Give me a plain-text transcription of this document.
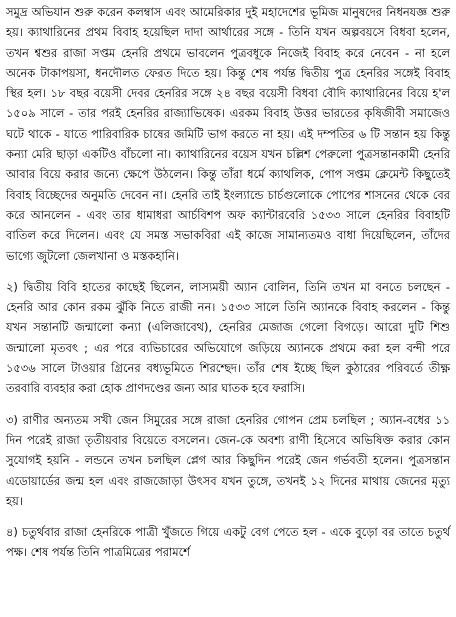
সমুদ্র অভিযান শুরু করেন কলম্বাস এবং আমেরিকার দুই মহাদেশের ভূমিজ মানুষদের নিধনযজ্ঞ শুরু হয়। ক্যাথারিনের প্রথম বিবাহ হয়েছিল দাদা আর্থারের সঙ্গে - তিনি যখন অল্পবয়সে বিধবা হলেন, তখন শ্বশুর রাজা সপ্তম হেনরি প্রথমে ভাবলেন পুত্রবধূকে নিজেই বিবাহ করে নেবেন - না হলে অনেক টাকাপয়সা, ধনদৌলত ফেরত দিতে হয়। কিন্তু শেষ পর্যন্ত দ্বিতীয় পুত্র হেনরির সঙ্গেই বিবাহ স্থির হল। ১৮ বছর বয়েসী দেবর হেনরির সঙ্গে ২৪ বছর বয়েসী বিধবা বৌদি ক্যাথারিনের বিয়ে হ'ল ১৫০৯ সালে - তার পরই হেনরির রাজ্যাভিষেক। এরকম বিবাহ উত্তর ভারতের কৃষিজীবী সমাজেও ঘটে থাকে - যাতে পারিবারিক চাষের জমিটি ভাগ করতে না হয়। এই দম্পতির ৬ টি সন্তান হয় কিন্তু কন্যা মেরি ছাড়া একটিও বাঁচলো না। ক্যাথারিনের বয়েস যখন চল্লিশ পেরুলো পুত্রসন্তানকামী হেনরি আবার বিয়ে করার জন্যে ক্ষেপে উঠলেন। কিন্তু তাঁরা ধর্মে ক্যাথলিক, পোপ সপ্তম ক্লেমেন্ট কিছুতেই বিবাহ বিচ্ছেদের অনুমতি দেবেন না। হেনরি তাই ইংল্যান্ডে চার্চগুলোকে পোপের শাসনের থেকে বের করে আনলেন - এবং তার ধামাধরা আর্চবিশপ অফ ক্যান্টারবেরি ১৫৩৩ সালে হেনরির বিবাহটি বাতিল করে দিলেন। এবং যে সমস্ত সভাকবিরা এই কাজে সামান্যতমও বাধা দিয়েছিলেন, তাঁদের ভাগ্যে জুটলো জেলখানা ও মস্তকহানি।

২) দ্বিতীয় বিবি হাতের কাছেই ছিলেন, লাস্যময়ী অ্যান বোলিন, তিনি তখন মা বনতে চলছেন - হেনরি আর কোন রকম ঝুঁকি নিতে রাজী নন। ১৫৩৩ সালে তিনি অ্যানকে বিবাহ করলেন - কিন্তু যখন সন্তানটি জন্মালো কন্যা (এলিজাবেথ), হেনরির মেজাজ গেলো বিগড়ে। আরো দুটি শিশু জন্মালো মৃতবৎ ; এর পরে ব্যভিচারের অভিযোগে জড়িয়ে অ্যানকে প্রথমে করা হল বন্দী পরে ১৫৩৬ সালে টাওয়ার গ্রিনের বধ্যভূমিতে শিরশ্ছেদ। তাঁর শেষ ইচ্ছে ছিল কুঠারের পরিবর্তে তীক্ষ্ণ তরবারি ব্যবহার করা হোক প্রাণদণ্ডের জন্য আর ঘাতক হবে ফরাসি।

৩) রাণীর অন্যতম সখী জেন সিমুরের সঙ্গে রাজা হেনরির গোপন প্রেম চলছিল ; অ্যান-বধের ১১ দিন পরেই রাজা তৃতীয়বার বিয়েতে বসলেন। জেন-কে অবশ্য রাণী হিসেবে অভিষিক্ত করার কোন সুযোগই হয়নি - লন্ডনে তখন চলছিল প্লেগ আর কিছুদিন পরেই জেন গর্ভবতী হলেন। পুত্রসন্তান এডোয়ার্ডের জন্ম হল এবং রাজজোড়া উৎসব যখন তুঙ্গে, তখনই ১২ দিনের মাথায় জেনের মৃত্যু হয়।

৪) চতুর্থবার রাজা হেনরিকে পাত্রী খুঁজতে গিয়ে একটু বেগ পেতে হল - একে বুড়ো বর তাতে চতুর্থ পক্ষ। শেষ পর্যন্ত তিনি পাত্রমিত্রের পরামর্শে
